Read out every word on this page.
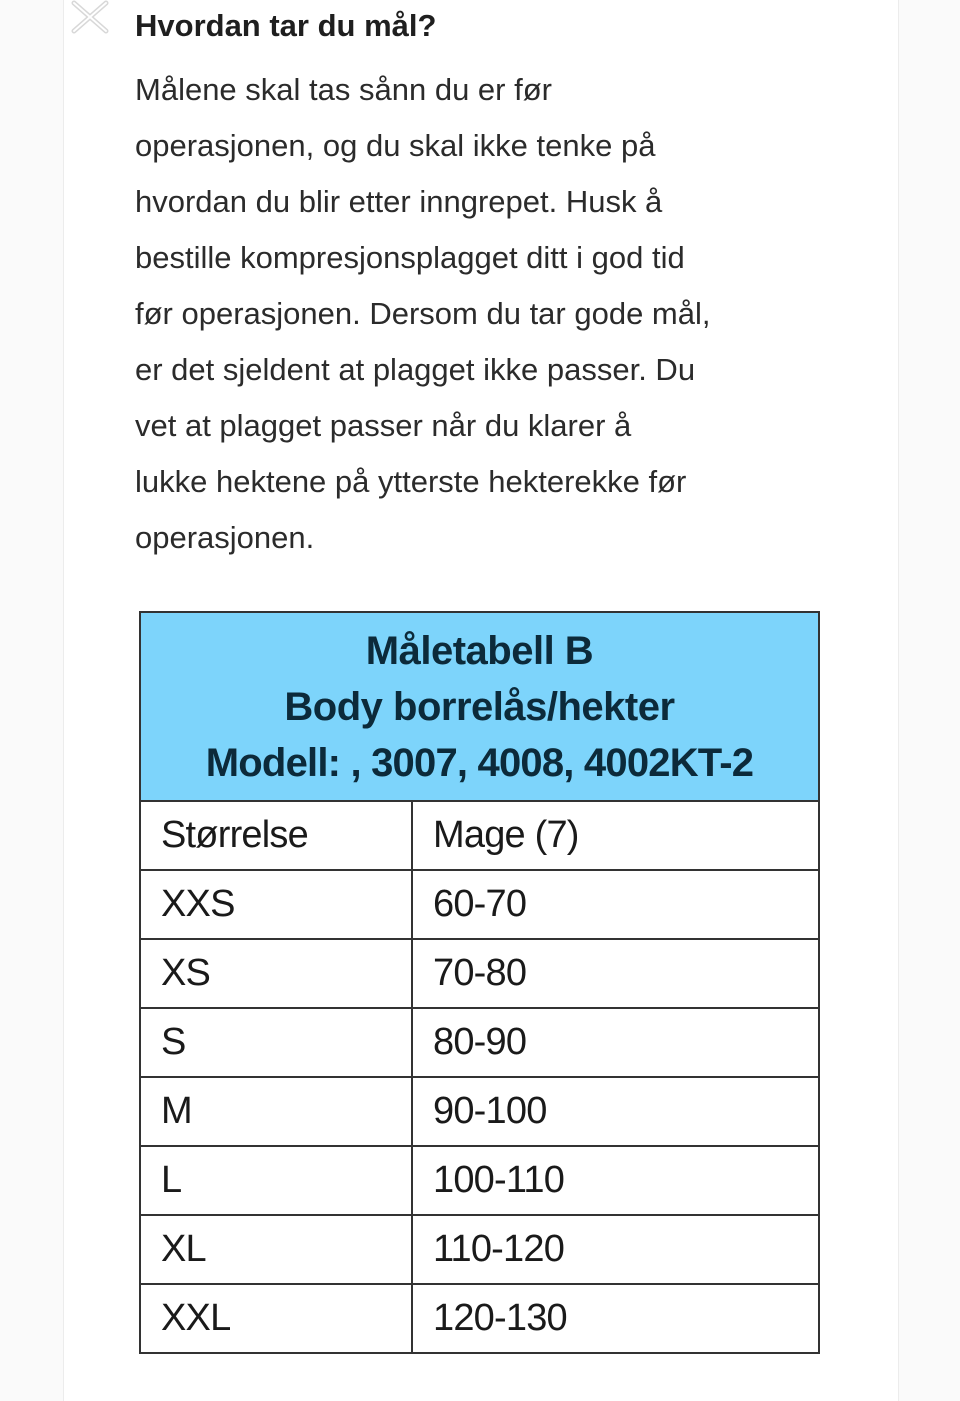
Hvordan tar du mål?

Målene skal tas sånn du er før
operasjonen, og du skal ikke tenke på
hvordan du blir etter inngrepet. Husk å
bestille kompresjonsplagget ditt i god tid
før operasjonen. Dersom du tar gode mål,
er det sjeldent at plagget ikke passer. Du
vet at plagget passer når du klarer å
lukke hektene på ytterste hekterekke før
operasjonen.

Måletabell B
Body borrelås/hekter
Modell: , 3007, 4008, 4002KT-2	

Størrelse	Mage (7)
XXS	60-70
XS	70-80
S	80-90
M	90-100
L	100-110
XL	110-120
XXL	120-130
